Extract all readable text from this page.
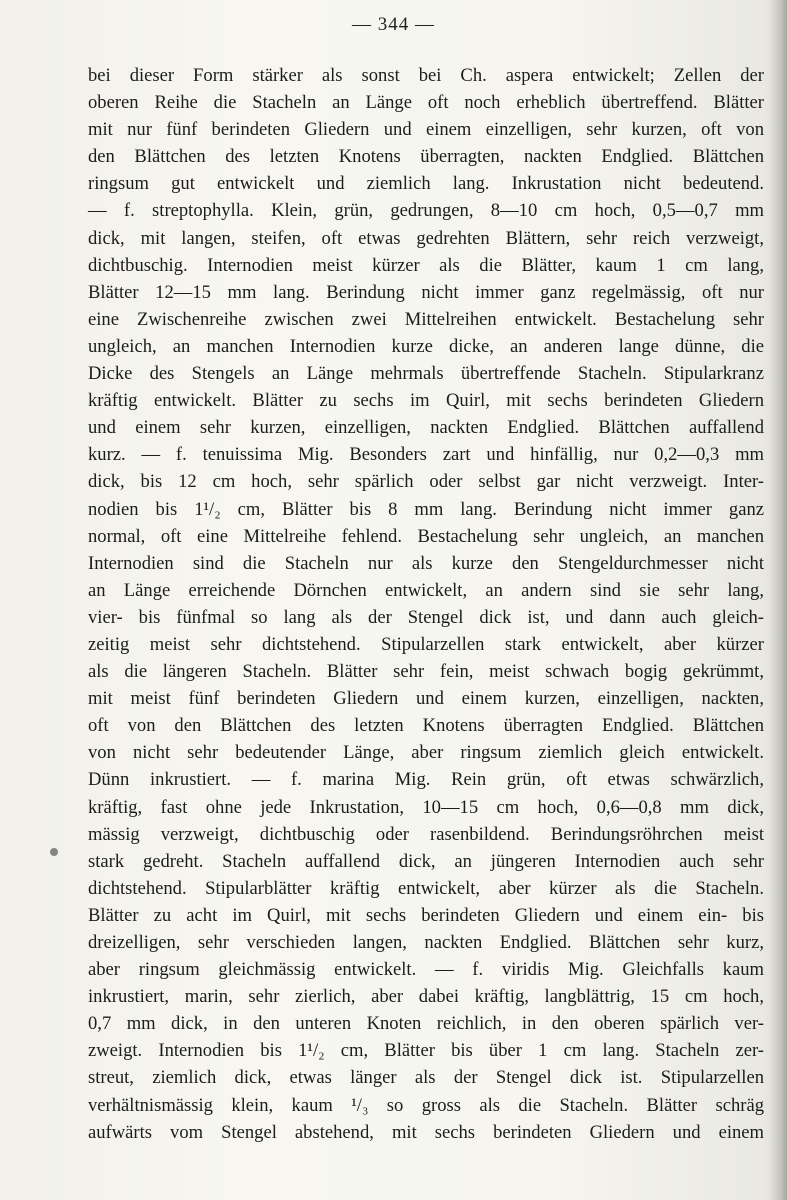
— 344 —
bei dieser Form stärker als sonst bei Ch. aspera entwickelt; Zellen der
oberen Reihe die Stacheln an Länge oft noch erheblich übertreffend. Blätter
mit nur fünf berindeten Gliedern und einem einzelligen, sehr kurzen, oft von
den Blättchen des letzten Knotens überragten, nackten Endglied. Blättchen
ringsum gut entwickelt und ziemlich lang. Inkrustation nicht bedeutend.
— f. streptophylla. Klein, grün, gedrungen, 8—10 cm hoch, 0,5—0,7 mm
dick, mit langen, steifen, oft etwas gedrehten Blättern, sehr reich verzweigt,
dichtbuschig. Internodien meist kürzer als die Blätter, kaum 1 cm lang,
Blätter 12—15 mm lang. Berindung nicht immer ganz regelmässig, oft nur
eine Zwischenreihe zwischen zwei Mittelreihen entwickelt. Bestachelung sehr
ungleich, an manchen Internodien kurze dicke, an anderen lange dünne, die
Dicke des Stengels an Länge mehrmals übertreffende Stacheln. Stipularkranz
kräftig entwickelt. Blätter zu sechs im Quirl, mit sechs berindeten Gliedern
und einem sehr kurzen, einzelligen, nackten Endglied. Blättchen auffallend
kurz. — f. tenuissima Mig. Besonders zart und hinfällig, nur 0,2—0,3 mm
dick, bis 12 cm hoch, sehr spärlich oder selbst gar nicht verzweigt. Inter-
nodien bis 1¹/₂ cm, Blätter bis 8 mm lang. Berindung nicht immer ganz
normal, oft eine Mittelreihe fehlend. Bestachelung sehr ungleich, an manchen
Internodien sind die Stacheln nur als kurze den Stengeldurchmesser nicht
an Länge erreichende Dörnchen entwickelt, an andern sind sie sehr lang,
vier- bis fünfmal so lang als der Stengel dick ist, und dann auch gleich-
zeitig meist sehr dichtstehend. Stipularzellen stark entwickelt, aber kürzer
als die längeren Stacheln. Blätter sehr fein, meist schwach bogig gekrümmt,
mit meist fünf berindeten Gliedern und einem kurzen, einzelligen, nackten,
oft von den Blättchen des letzten Knotens überragten Endglied. Blättchen
von nicht sehr bedeutender Länge, aber ringsum ziemlich gleich entwickelt.
Dünn inkrustiert. — f. marina Mig. Rein grün, oft etwas schwärzlich,
kräftig, fast ohne jede Inkrustation, 10—15 cm hoch, 0,6—0,8 mm dick,
mässig verzweigt, dichtbuschig oder rasenbildend. Berindungsröhrchen meist
stark gedreht. Stacheln auffallend dick, an jüngeren Internodien auch sehr
dichtstehend. Stipularblätter kräftig entwickelt, aber kürzer als die Stacheln.
Blätter zu acht im Quirl, mit sechs berindeten Gliedern und einem ein- bis
dreizelligen, sehr verschieden langen, nackten Endglied. Blättchen sehr kurz,
aber ringsum gleichmässig entwickelt. — f. viridis Mig. Gleichfalls kaum
inkrustiert, marin, sehr zierlich, aber dabei kräftig, langblättrig, 15 cm hoch,
0,7 mm dick, in den unteren Knoten reichlich, in den oberen spärlich ver-
zweigt. Internodien bis 1¹/₂ cm, Blätter bis über 1 cm lang. Stacheln zer-
streut, ziemlich dick, etwas länger als der Stengel dick ist. Stipularzellen
verhältnismässig klein, kaum ¹/₃ so gross als die Stacheln. Blätter schräg
aufwärts vom Stengel abstehend, mit sechs berindeten Gliedern und einem
